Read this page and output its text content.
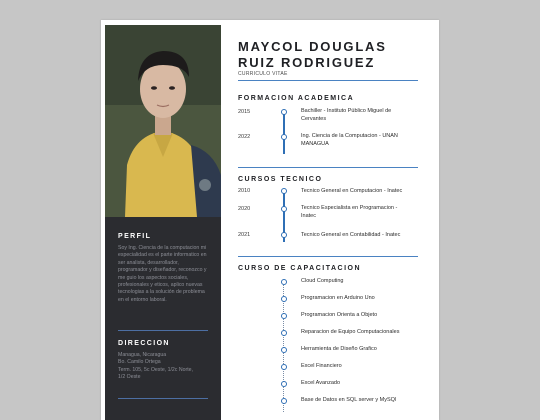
PERFIL

Soy Ing. Ciencia de la computacion mi especialidad es el parte informatico en ser analista, desarrollador, programador y diseñador, reconozco y me guio los aspectos sociales, profesionales y eticos, aplico nuevas tecnologias a la solución de problema en el entorno laboral.

DIRECCION

Managua, Nicaragua

Bo. Camilo Ortega

Term. 105, 5c Oeste, 1/2c Norte,

1/2 Oeste

MAYCOL DOUGLAS
RUIZ RODRIGUEZ

CURRICULO VITAE

FORMACION ACADEMICA

2015	Bachiller - Instituto Público Miguel de Cervantes

2022	Ing. Ciencia de la Computacion - UNAN MANAGUA

CURSOS TECNICO

2010	Tecnico General en Computacion - Inatec

2020	Tecnico Especialista en Programacion - Inatec

2021	Tecnico General en Contabilidad - Inatec

CURSO DE CAPACITACION

Cloud Computing

Programacion en Arduino Uno

Programacion Orienta a Objeto

Reparacion de Equipo Computacionales

Herramienta de Diseño Grafico

Excel Financiero

Excel Avanzado

Base de Datos en SQL server y MySQl
